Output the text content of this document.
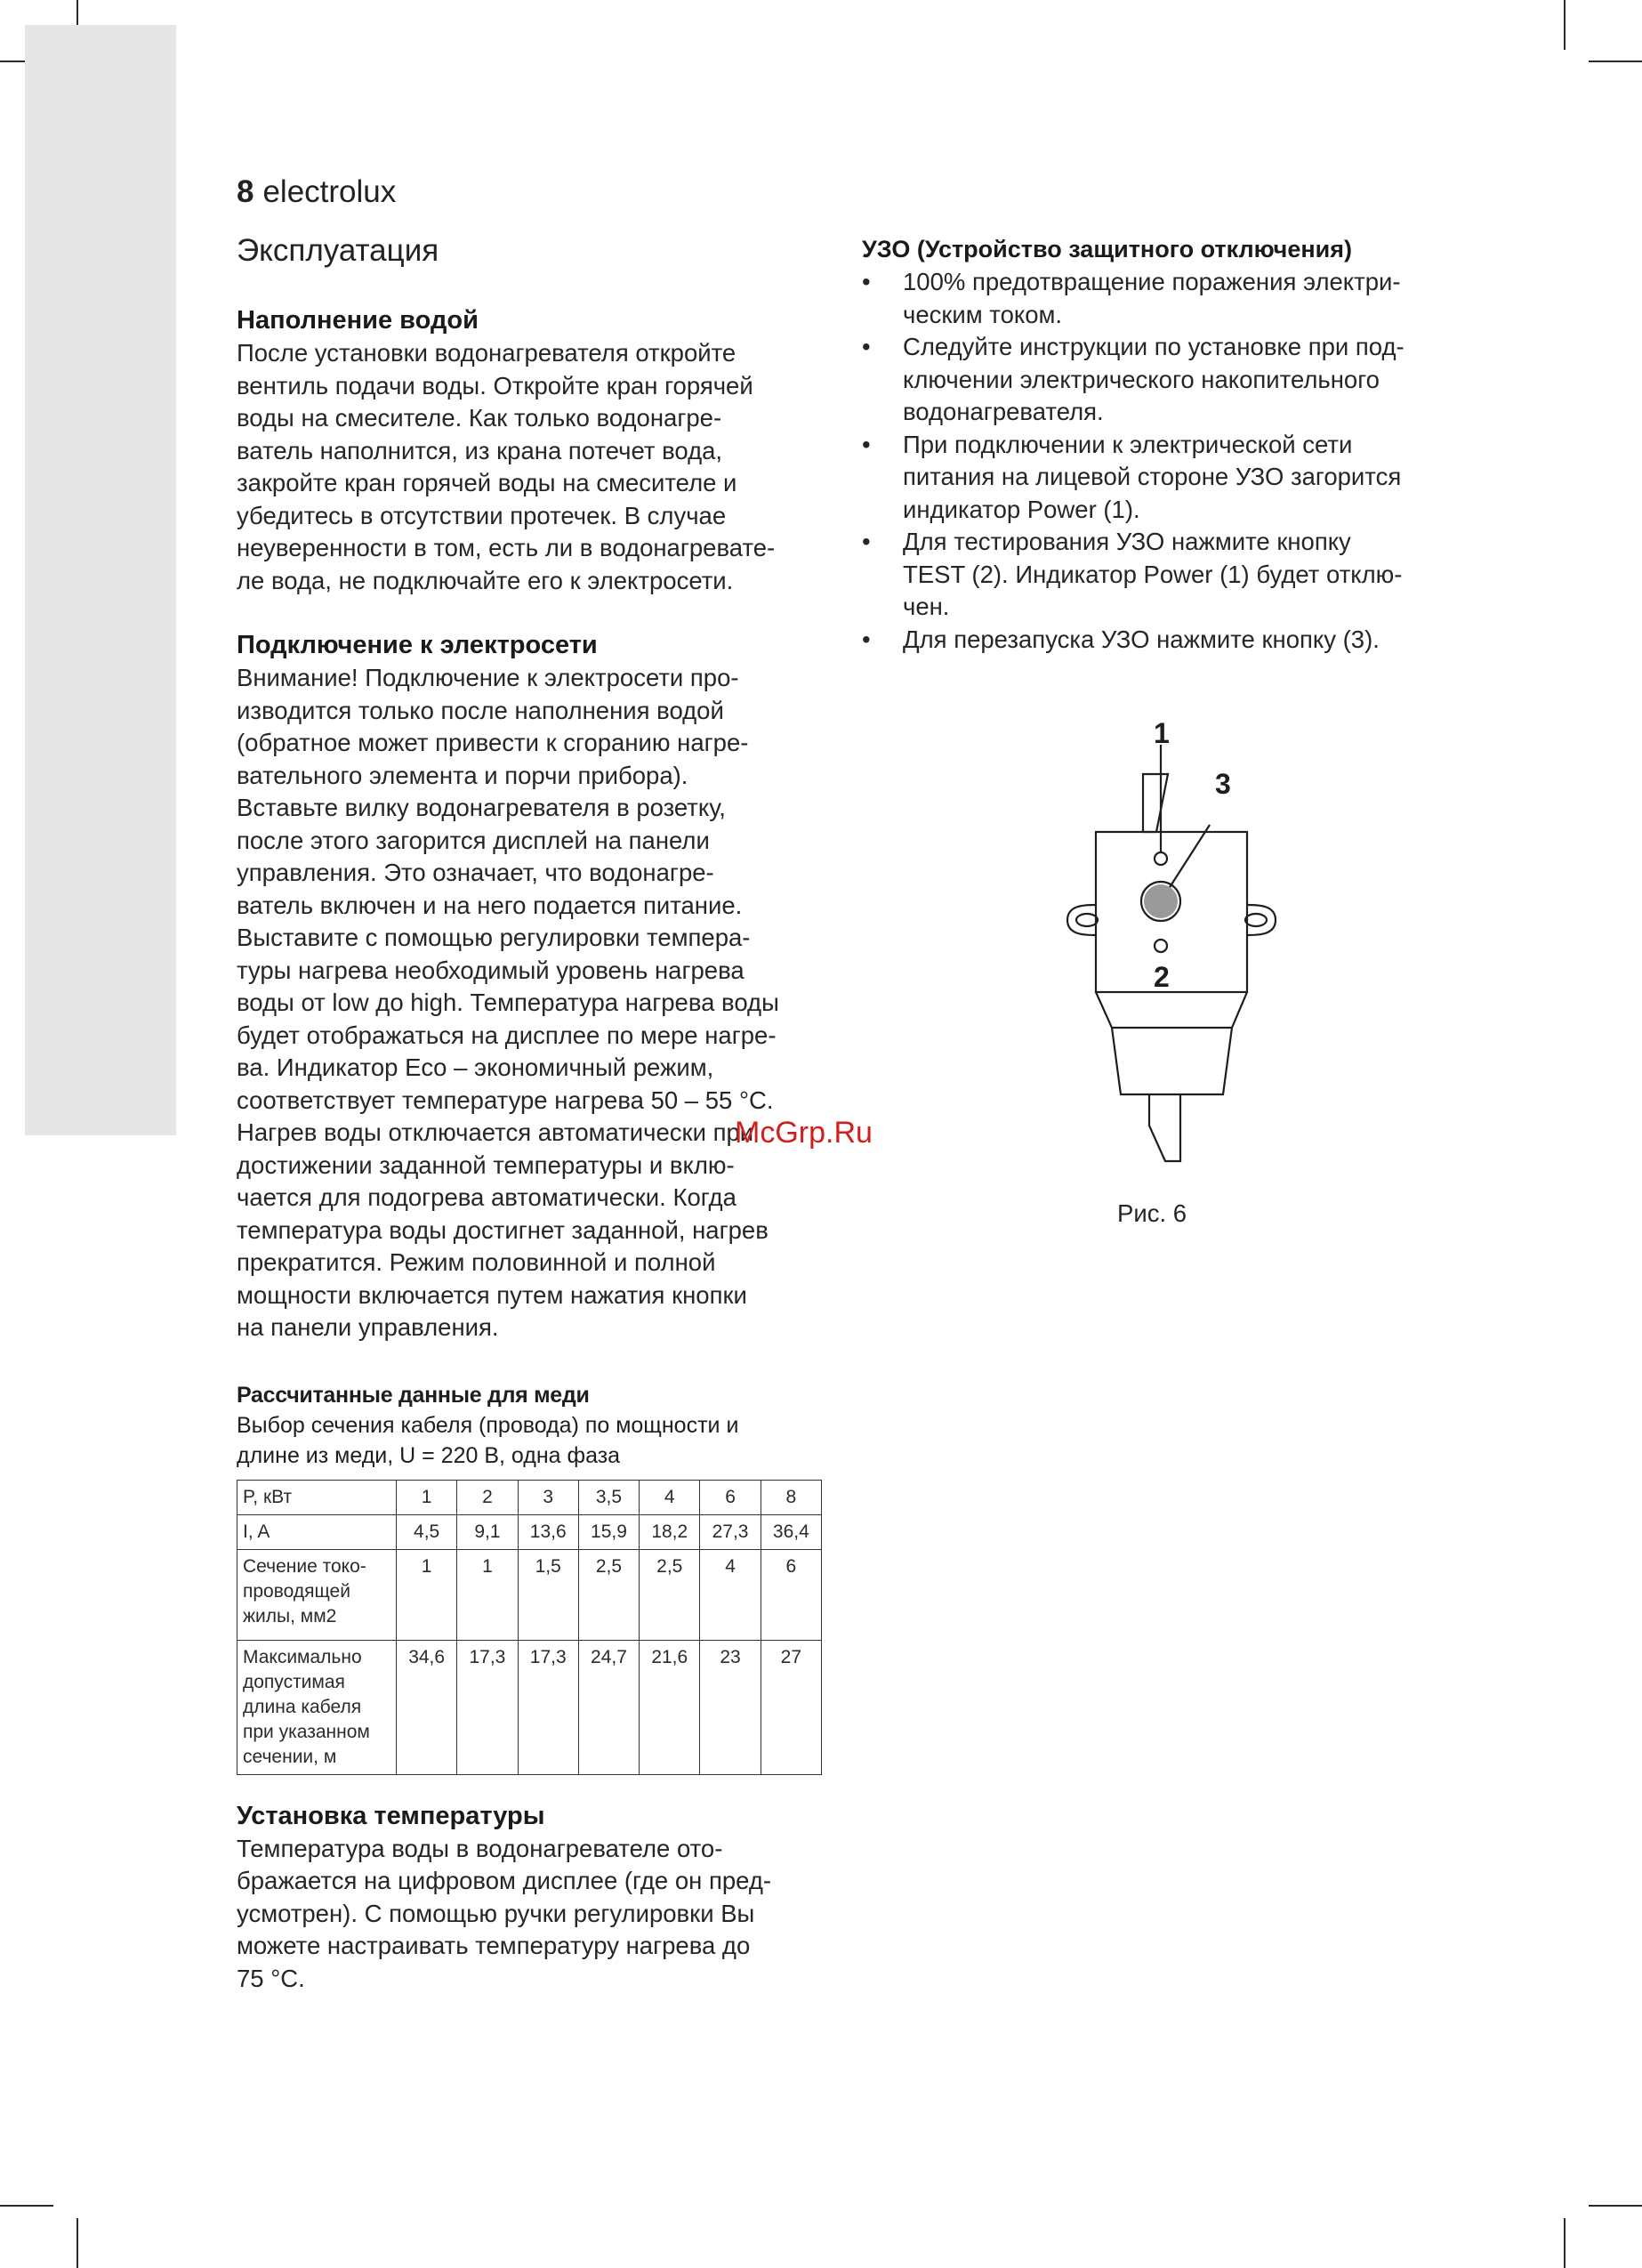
8 electrolux
Эксплуатация
Наполнение водой

После установки водонагревателя откройте

вентиль подачи воды. Откройте кран горячей

воды на смесителе. Как только водонагре-

ватель наполнится, из крана потечет вода,

закройте кран горячей воды на смесителе и

убедитесь в отсутствии протечек. В случае

неуверенности в том, есть ли в водонагревате-

ле вода, не подключайте его к электросети.

Подключение к электросети

Внимание! Подключение к электросети про-

изводится только после наполнения водой

(обратное может привести к сгоранию нагре-

вательного элемента и порчи прибора).

Вставьте вилку водонагревателя в розетку,

после этого загорится дисплей на панели

управления. Это означает, что водонагре-

ватель включен и на него подается питание.

Выставите с помощью регулировки темпера-

туры нагрева необходимый уровень нагрева

воды от low до high. Температура нагрева воды

будет отображаться на дисплее по мере нагре-

ва. Индикатор Eco – экономичный режим,

соответствует температуре нагрева 50 – 55 °C.

Нагрев воды отключается автоматически при

достижении заданной температуры и вклю-

чается для подогрева автоматически. Когда

температура воды достигнет заданной, нагрев

прекратится. Режим половинной и полной

мощности включается путем нажатия кнопки

на панели управления.

Рассчитанные данные для меди

Выбор сечения кабеля (провода) по мощности и

длине из меди, U = 220 В, одна фаза

P, кВт	1	2	3	3,5	4	6	8
I, A	4,5	9,1	13,6	15,9	18,2	27,3	36,4
Сечение токо-
проводящей
жилы, мм2	1	1	1,5	2,5	2,5	4	6
Максимально
допустимая
длина кабеля
при указанном
сечении, м	34,6	17,3	17,3	24,7	21,6	23	27
Установка температуры

Температура воды в водонагревателе ото-

бражается на цифровом дисплее (где он пред-

усмотрен). С помощью ручки регулировки Вы

можете настраивать температуру нагрева до

75 °C.

УЗО (Устройство защитного отключения)
• 100% предотвращение поражения электри-
ческим током.
• Следуйте инструкции по установке при под-
ключении электрического накопительного
водонагревателя.
• При подключении к электрической сети
питания на лицевой стороне УЗО загорится
индикатор Power (1).
• Для тестирования УЗО нажмите кнопку
TEST (2). Индикатор Power (1) будет отклю-
чен.
• Для перезапуска УЗО нажмите кнопку (3).
1
3
2
Рис. 6
McGrp.Ru
